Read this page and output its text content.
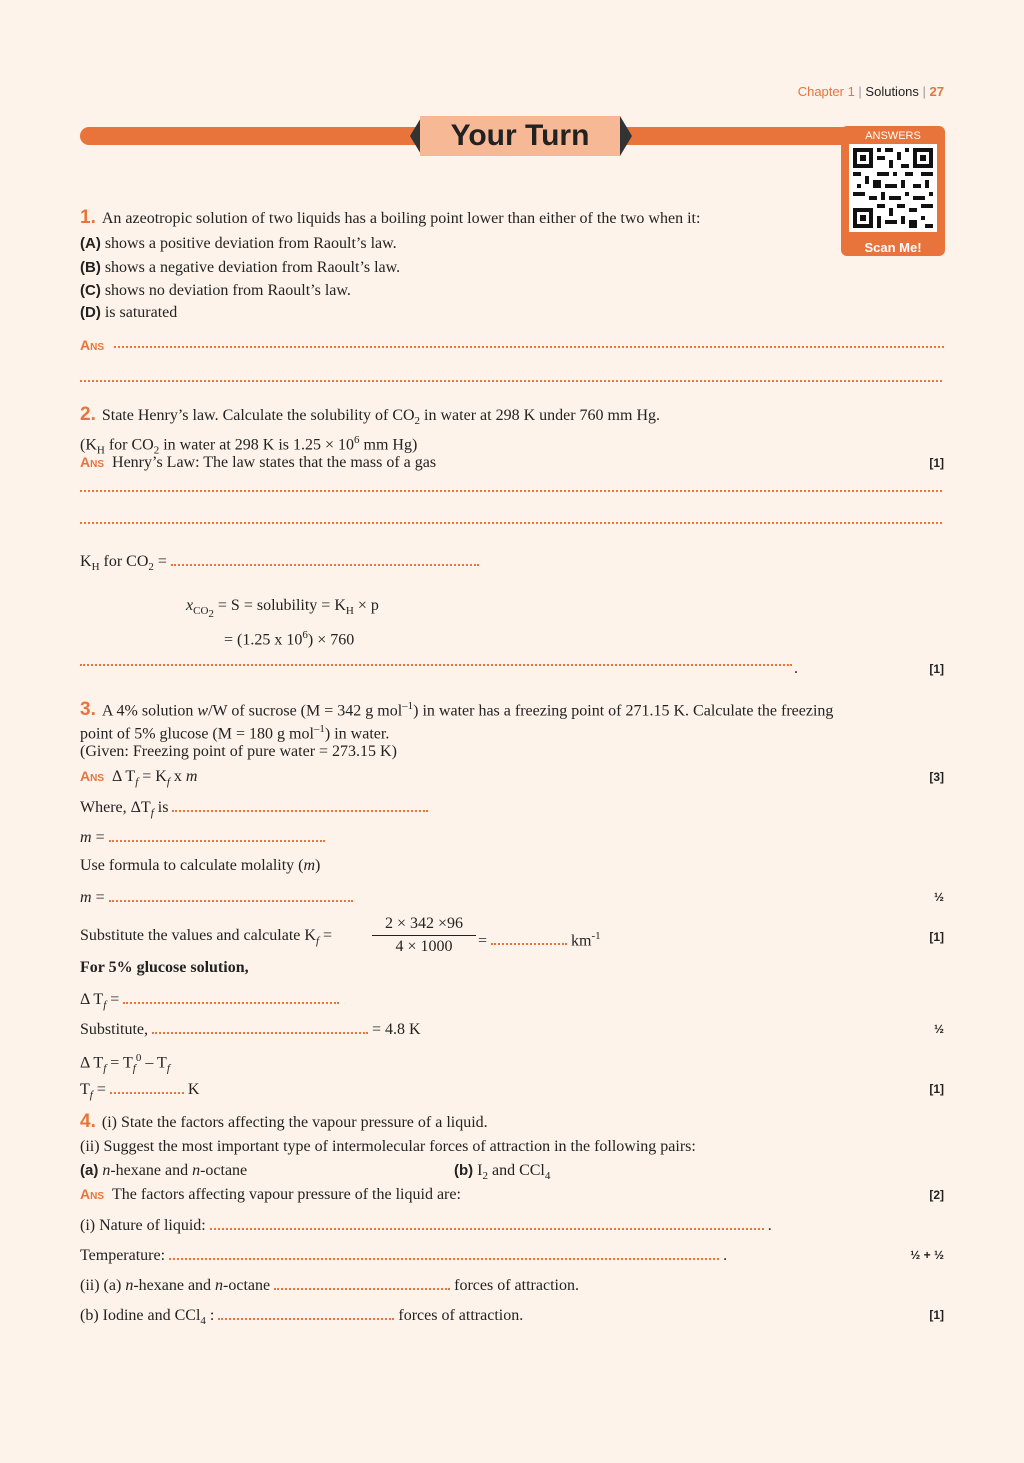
Chapter 1 | Solutions | 27
Your Turn	ANSWERS
Scan Me!
1. An azeotropic solution of two liquids has a boiling point lower than either of the two when it:
(A) shows a positive deviation from Raoult’s law.
(B) shows a negative deviation from Raoult’s law.
(C) shows no deviation from Raoult’s law.
(D) is saturated
Ans
2. State Henry’s law. Calculate the solubility of $CO_2$ in water at 298 K under 760 mm Hg.
($K_H$ for $CO_2$ in water at 298 K is $1.25 \times 10^6$ mm Hg)
Ans Henry’s Law: The law states that the mass of a gas	[1]
$K_H$ for $CO_2$ =
$x_{CO_2} = S$ = solubility = $K_H \times p$
= (1.25 x $10^6) \times 760$
.	[1]
3. A 4% solution w/W of sucrose (M = 342 g mol$^{-1}$) in water has a freezing point of 271.15 K. Calculate the freezing
point of 5% glucose (M = 180 g mol$^{-1}$) in water.
(Given: Freezing point of pure water = 273.15 K)
Ans Δ $T_f = K_f$ x m	[3]
Where, $\Delta T_f$ is
m =
Use formula to calculate molality (m)
m =	½
Substitute the values and calculate $K_f$ =
2 × 342 ×96
4 × 1000	=	$km^{-1}$	[1]
For 5% glucose solution,
Δ $T_f$ =
Substitute,	= 4.8 K	½
Δ $T_f = T_f^0 - T_f$
$T_f$ =	K	[1]
4. (i) State the factors affecting the vapour pressure of a liquid.
(ii) Suggest the most important type of intermolecular forces of attraction in the following pairs:
(a) n-hexane and n-octane	(b) $I_2$ and CCl$_4$
Ans The factors affecting vapour pressure of the liquid are:	[2]
(i) Nature of liquid:	.
Temperature:	.	½ + ½
(ii) (a) n-hexane and n-octane	forces of attraction.
(b) Iodine and CCl$_4$ :	forces of attraction.	[1]
